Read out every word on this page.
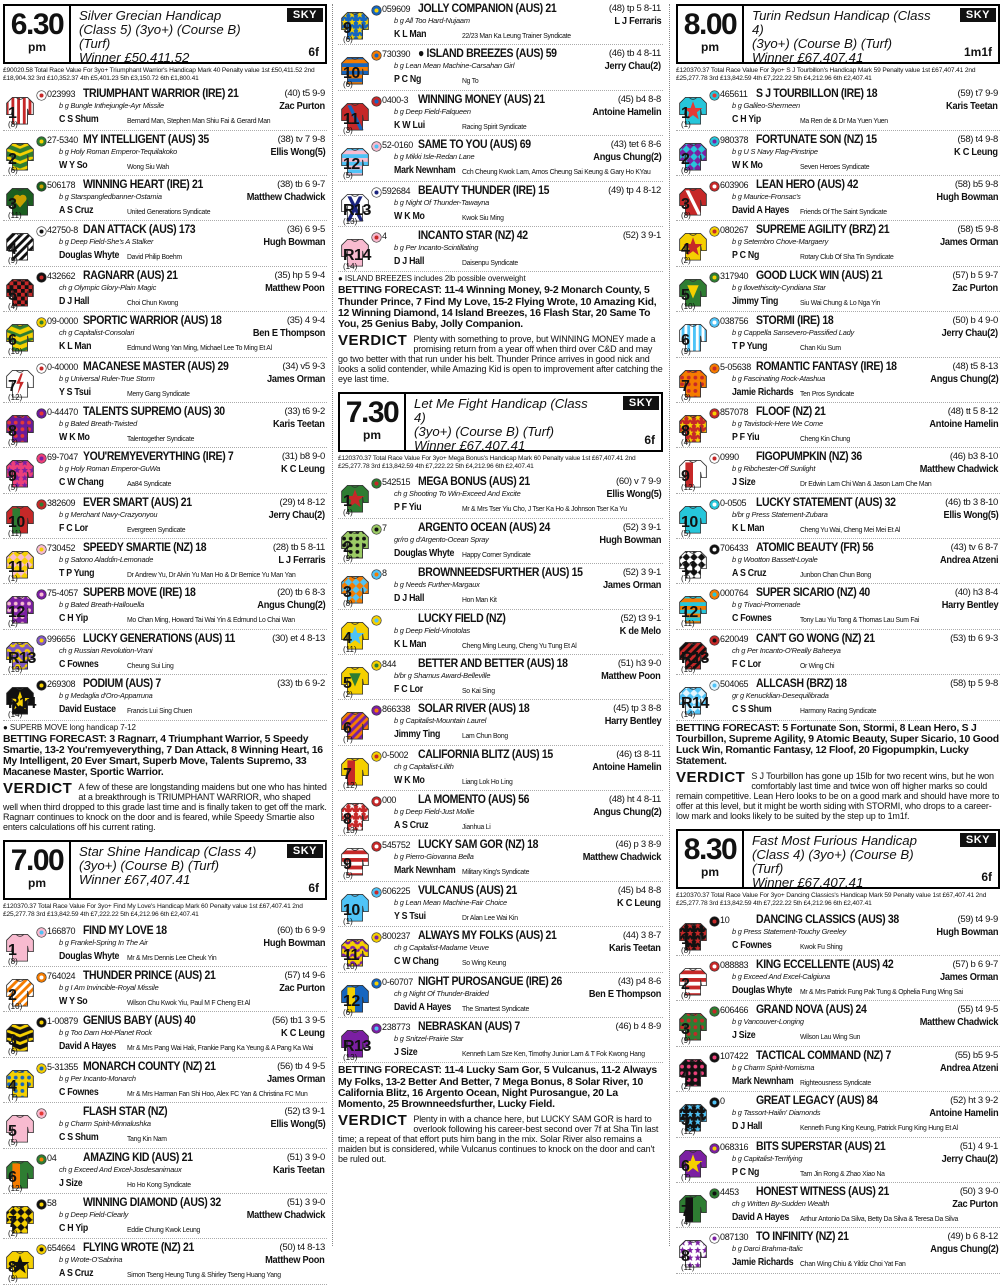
6.30
pm
Silver Grecian Handicap
(Class 5) (3yo+) (Course B) (Turf)
Winner £50,411.52
SKY
6f
£90020.58 Total Race Value For 3yo+ Triumphant Warrior's Handicap Mark 40 Penalty value 1st £50,411.52 2nd £18,904.32 3rd £10,352.37 4th £5,401.23 5th £3,150.72 6th £1,800.41
1
(8)
023993 TRIUMPHANT WARRIOR (IRE) 21	(40) t5 9-9
b g Bungle Inthejungle-Ayr Missile	Zac Purton
C S Shum	Bernard Man, Stephen Man Shiu Fai & Gerard Man
2
(6)
27-5340 MY INTELLIGENT (AUS) 35	(38) tv 7 9-8
b g Holy Roman Emperor-Tequilakoko	Ellis Wong(5)
W Y So	Wong Siu Wah
3
(11)
506178 WINNING HEART (IRE) 21	(38) tb 6 9-7
b g Starspangledbanner-Ostamia	Matthew Chadwick
A S Cruz	United Generations Syndicate
4
(9)
42750-8 DAN ATTACK (AUS) 173	(36) 6 9-5
b g Deep Field-She's A Stalker	Hugh Bowman
Douglas Whyte David Philip Boehm
5
(4)
432662 RAGNARR (AUS) 21	(35) hp 5 9-4
ch g Olympic Glory-Plain Magic	Matthew Poon
D J Hall	Choi Chun Kwong
6
(10)
09-0000 SPORTIC WARRIOR (AUS) 18	(35) 4 9-4
ch g Capitalist-Consolari	Ben E Thompson
K L Man	Edmund Wong Yan Ming, Michael Lee To Ming Et Al
7
(12)
0-40000 MACANESE MASTER (AUS) 29	(34) v5 9-3
b g Universal Ruler-True Storm	James Orman
Y S Tsui	Merry Gang Syndicate
8
(3)
0-44470 TALENTS SUPREMO (AUS) 30	(33) t6 9-2
b g Bated Breath-Twisted	Karis Teetan
W K Mo	Talentogether Syndicate
9
(5)
69-7047 YOU'REMYEVERYTHING (IRE) 7	(31) b8 9-0
b g Holy Roman Emperor-GuWa	K C Leung
C W Chang	Aa84 Syndicate
10
(11)
382609 EVER SMART (AUS) 21	(29) t4 8-12
b g Merchant Navy-Crazyonyou	Jerry Chau(2)
F C Lor	Evergreen Syndicate
11
(1)
730452 SPEEDY SMARTIE (NZ) 18	(28) tb 5 8-11
b g Satono Aladdin-Lemonade	L J Ferraris
T P Yung	Dr Andrew Yu, Dr Alvin Yu Man Ho & Dr Bernice Yu Man Yan
12
(2)
75-4057 SUPERB MOVE (IRE) 18	(20) tb 6 8-3
b g Bated Breath-Hallouella	Angus Chung(2)
C H Yip	Mo Chan Ming, Howard Tai Wai Yin & Edmund Lo Chai Wan
R13
(13)
996656 LUCKY GENERATIONS (AUS) 11	(30) et 4 8-13
ch g Russian Revolution-Vrani
C Fownes	Cheung Sui Ling
R14
(14)
269308 PODIUM (AUS) 7	(33) tb 6 9-2
b g Medaglia d'Oro-Apparruna
David Eustace Francis Lui Sing Chuen
● SUPERB MOVE long handicap 7-12
BETTING FORECAST: 3 Ragnarr, 4 Triumphant Warrior, 5 Speedy Smartie, 13-2 You'remyeverything, 7 Dan Attack, 8 Winning Heart, 16 My Intelligent, 20 Ever Smart, Superb Move, Talents Supremo, 33 Macanese Master, Sportic Warrior.
VERDICT A few of these are longstanding maidens but one who has hinted at a breakthrough is TRIUMPHANT WARRIOR, who shaped well when third dropped to this grade last time and is finally taken to get off the mark. Ragnarr continues to knock on the door and is feared, while Speedy Smartie also enters calculations off his current rating.
7.00
pm
Star Shine Handicap (Class 4)
(3yo+) (Course B) (Turf)
Winner £67,407.41
SKY
6f
£120370.37 Total Race Value For 3yo+ Find My Love's Handicap Mark 60 Penalty value 1st £67,407.41 2nd £25,277.78 3rd £13,842.59 4th £7,222.22 5th £4,212.96 6th £2,407.41
1
(8)
166870 FIND MY LOVE 18	(60) tb 6 9-9
b g Frankel-Spring In The Air	Hugh Bowman
Douglas Whyte Mr & Mrs Dennis Lee Cheuk Yin
2
(10)
764024 THUNDER PRINCE (AUS) 21	(57) t4 9-6
b g I Am Invincible-Royal Missile	Zac Purton
W Y So	Wilson Chu Kwok Yiu, Paul M F Cheng Et Al
3
(6)
1-00879 GENIUS BABY (AUS) 40	(56) tb1 3 9-5
b g Too Darn Hot-Planet Rock	K C Leung
David A Hayes Mr & Mrs Pang Wai Hak, Frankie Pang Ka Yeung & A Pang Ka Wai
4
(7)
5-31355 MONARCH COUNTY (NZ) 21	(56) tb 4 9-5
b g Per Incanto-Monarch	James Orman
C Fownes	Mr & Mrs Harman Fan Shi Hoo, Alex FC Yan & Christina FC Mun
5
(5)
FLASH STAR (NZ)	(52) t3 9-1
b g Charm Spirit-Minnalushka	Ellis Wong(5)
C S Shum	Tang Kin Nam
6
(12)
04 AMAZING KID (AUS) 21	(51) 3 9-0
ch g Exceed And Excel-Josdesanimaux	Karis Teetan
J Size	Ho Ho Kong Syndicate
7
(2)
58 WINNING DIAMOND (AUS) 32	(51) 3 9-0
b g Deep Field-Clearly	Matthew Chadwick
C H Yip	Eddie Chung Kwok Leung
8
(9)
654664 FLYING WROTE (NZ) 21	(50) t4 8-13
b g Wrote-O'Sabrina	Matthew Poon
A S Cruz	Simon Tseng Heung Tung & Shirley Tseng Huang Yang
9
(6)
059609 JOLLY COMPANION (AUS) 21	(48) tp 5 8-11
b g All Too Hard-Nujaam	L J Ferraris
K L Man	22/23 Man Ka Leung Trainer Syndicate
10
(6)
730390 ● ISLAND BREEZES (AUS) 59	(46) tb 4 8-11
b g Lean Mean Machine-Carsahan Girl	Jerry Chau(2)
P C Ng	Ng To
11
(3)
0400-3 WINNING MONEY (AUS) 21	(45) b4 8-8
b g Deep Field-Falqueen	Antoine Hamelin
K W Lui	Racing Spirit Syndicate
12
(5)
52-0160 SAME TO YOU (AUS) 69	(43) tet 6 8-6
b g Mikki Isle-Redan Lane	Angus Chung(2)
Mark Newnham Cch Cheung Kwok Lam, Amos Cheung Sai Keung & Gary Ho KYau
R13
(13)
592684 BEAUTY THUNDER (IRE) 15	(49) tp 4 8-12
b g Night Of Thunder-Tawayna
W K Mo	Kwok Siu Ming
R14
(14)
4	INCANTO STAR (NZ) 42	(52) 3 9-1
b g Per Incanto-Scintillating
D J Hall	Daisenpu Syndicate
● ISLAND BREEZES includes 2lb possible overweight
BETTING FORECAST: 11-4 Winning Money, 9-2 Monarch County, 5 Thunder Prince, 7 Find My Love, 15-2 Flying Wrote, 10 Amazing Kid, 12 Winning Diamond, 14 Island Breezes, 16 Flash Star, 20 Same To You, 25 Genius Baby, Jolly Companion.
VERDICT Plenty with something to prove, but WINNING MONEY made a promising return from a year off when third over C&D and may go two better with that run under his belt. Thunder Prince arrives in good nick and looks a solid contender, while Amazing Kid is open to improvement after catching the eye last time.
7.30
pm
Let Me Fight Handicap (Class 4)
(3yo+) (Course B) (Turf)
Winner £67,407.41
SKY
6f
£120370.37 Total Race Value For 3yo+ Mega Bonus's Handicap Mark 60 Penalty value 1st £67,407.41 2nd £25,277.78 3rd £13,842.59 4th £7,222.22 5th £4,212.96 6th £2,407.41
1
(4)
542515 MEGA BONUS (AUS) 21	(60) v 7 9-9
ch g Shooting To Win-Exceed And Excite	Ellis Wong(5)
P F Yiu	Mr & Mrs Tser Yiu Cho, J Tser Ka Ho & Johnson Tser Ka Yu
2
(9)
7	ARGENTO OCEAN (AUS) 24	(52) 3 9-1
gr/ro g d'Argento-Ocean Spray	Hugh Bowman
Douglas Whyte Happy Corner Syndicate
3
(8)
8	BROWNNEEDSFURTHER (AUS) 15	(52) 3 9-1
b g Needs Further-Margaux	James Orman
D J Hall	Hon Man Kit
4
(11)
LUCKY FIELD (NZ)	(52) t3 9-1
b g Deep Field-Vinotolas	K de Melo
K L Man	Cheng Ming Leung, Cheng Yu Tung Et Al
5
(2)
844 BETTER AND BETTER (AUS) 18	(51) h3 9-0
b/br g Shamus Award-Belleville	Matthew Poon
F C Lor	So Kai Sing
6
(7)
866338 SOLAR RIVER (AUS) 18	(45) tp 3 8-8
b g Capitalist-Mountain Laurel	Harry Bentley
Jimmy Ting	Lam Chun Bong
7
(12)
0-5002 CALIFORNIA BLITZ (AUS) 15	(46) t3 8-11
ch g Capitalist-Lilith	Antoine Hamelin
W K Mo	Liang Lok Ho Ling
8
(13)
000 LA MOMENTO (AUS) 56	(48) ht 4 8-11
b g Deep Field-Just Mollie	Angus Chung(2)
A S Cruz	Jianhua Li
9
(5)
545752 LUCKY SAM GOR (NZ) 18	(46) p 3 8-9
b g Pierro-Giovanna Bella	Matthew Chadwick
Mark Newnham Military King's Syndicate
10
(1)
606225 VULCANUS (AUS) 21	(45) b4 8-8
b g Lean Mean Machine-Fair Choice	K C Leung
Y S Tsui	Dr Alan Lee Wai Kin
11
(10)
800237 ALWAYS MY FOLKS (AUS) 21	(44) 3 8-7
ch g Capitalist-Madame Veuve	Karis Teetan
C W Chang	So Wing Keung
12
(6)
0-60707 NIGHT PUROSANGUE (IRE) 26	(43) p4 8-6
ch g Night Of Thunder-Braided	Ben E Thompson
David A Hayes The Smartest Syndicate
R13
(13)
238773 NEBRASKAN (AUS) 7	(46) b 4 8-9
b g Snitzel-Prairie Star
J Size	Kenneth Lam Sze Ken, Timothy Junior Lam & T Fok Kwong Hang
BETTING FORECAST: 11-4 Lucky Sam Gor, 5 Vulcanus, 11-2 Always My Folks, 13-2 Better And Better, 7 Mega Bonus, 8 Solar River, 10 California Blitz, 16 Argento Ocean, Night Purosangue, 20 La Momento, 25 Brownneedsfurther, Lucky Field.
VERDICT Plenty in with a chance here, but LUCKY SAM GOR is hard to overlook following his career-best second over 7f at Sha Tin last time; a repeat of that effort puts him bang in the mix. Solar River also remains a maiden but is considered, while Vulcanus continues to knock on the door and can't be ruled out.
8.00
pm
Turin Redsun Handicap (Class 4)
(3yo+) (Course B) (Turf)
Winner £67,407.41
SKY
1m1f
£120370.37 Total Race Value For 3yo+ S J Tourbillon's Handicap Mark 59 Penalty value 1st £67,407.41 2nd £25,277.78 3rd £13,842.59 4th £7,222.22 5th £4,212.96 6th £2,407.41
1
(1)
465611 S J TOURBILLON (IRE) 18	(59) t7 9-9
b g Galileo-Shermeen	Karis Teetan
C H Yip	Ma Ren de & Dr Ma Yuen Yuen
2
(6)
980378 FORTUNATE SON (NZ) 15	(58) t4 9-8
b g U S Navy Flag-Pinstripe	K C Leung
W K Mo	Seven Heroes Syndicate
3
(8)
603906 LEAN HERO (AUS) 42	(58) b5 9-8
b g Maurice-Fronsac's	Hugh Bowman
David A Hayes Friends Of The Saint Syndicate
4
(2)
080267 SUPREME AGILITY (BRZ) 21	(58) t5 9-8
b g Setembro Chove-Margaery	James Orman
P C Ng	Rotary Club Of Sha Tin Syndicate
5
(10)
317940 GOOD LUCK WIN (AUS) 21	(57) b 5 9-7
b g Ilovethiscity-Cyndiana Star	Zac Purton
Jimmy Ting	Siu Wai Chung & Lo Nga Yin
6
(9)
038756 STORMI (IRE) 18	(50) b 4 9-0
b g Cappella Sansevero-Passified Lady	Jerry Chau(2)
T P Yung	Chan Kiu Sum
7
(3)
5-05638 ROMANTIC FANTASY (IRE) 18	(48) t5 8-13
b g Fascinating Rock-Atashua	Angus Chung(2)
Jamie Richards Ten Pros Syndicate
8
(4)
857078 FLOOF (NZ) 21	(48) tt 5 8-12
b g Tavistock-Here We Come	Antoine Hamelin
P F Yiu	Cheng Kin Chung
9
(12)
0990 FIGOPUMPKIN (NZ) 36	(46) b3 8-10
b g Ribchester-Off Sunlight	Matthew Chadwick
J Size	Dr Edwin Lam Chi Wan & Jason Lam Che Man
10
(5)
0-0505 LUCKY STATEMENT (AUS) 32	(46) tb 3 8-10
b/br g Press Statement-Zubara	Ellis Wong(5)
K L Man	Cheng Yu Wai, Cheng Mei Mei Et Al
11
(7)
706433 ATOMIC BEAUTY (FR) 56	(43) tv 6 8-7
b g Wootton Bassett-Loyale	Andrea Atzeni
A S Cruz	Junbon Chan Chun Bong
12
(11)
000764 SUPER SICARIO (NZ) 40	(40) h3 8-4
b g Tivaci-Promenade	Harry Bentley
C Fownes	Tony Lau Yiu Tong & Thomas Lau Sum Fai
R13
(13)
620049 CAN'T GO WONG (NZ) 21	(53) tb 6 9-3
ch g Per Incanto-O'Really Baheeya
F C Lor	Or Wing Chi
R14
(14)
504065 ALLCASH (BRZ) 18	(58) tp 5 9-8
gr g Kenucklian-Desequilibrada
C S Shum	Harmony Racing Syndicate
BETTING FORECAST: 5 Fortunate Son, Stormi, 8 Lean Hero, S J Tourbillon, Supreme Agility, 9 Atomic Beauty, Super Sicario, 10 Good Luck Win, Romantic Fantasy, 12 Floof, 20 Figopumpkin, Lucky Statement.
VERDICT S J Tourbillon has gone up 15lb for two recent wins, but he won comfortably last time and twice won off higher marks so could remain competitive. Lean Hero looks to be on a good mark and should have more to offer at this level, but it might be worth siding with STORMI, who drops to a career-low mark and looks likely to be suited by the step up to 1m1f.
8.30
pm
Fast Most Furious Handicap
(Class 4) (3yo+) (Course B) (Turf)
Winner £67,407.41
SKY
6f
£120370.37 Total Race Value For 3yo+ Dancing Classics's Handicap Mark 59 Penalty value 1st £67,407.41 2nd £25,277.78 3rd £13,842.59 4th £7,222.22 5th £4,212.96 6th £2,407.41
1
(8)
10 DANCING CLASSICS (AUS) 38	(59) t4 9-9
b g Press Statement-Touchy Greeley	Hugh Bowman
C Fownes	Kwok Fu Shing
2
(6)
088883 KING ECCELLENTE (AUS) 42	(57) b 6 9-7
b g Exceed And Excel-Calgiuna	James Orman
Douglas Whyte Mr & Mrs Patrick Fung Pak Tung & Ophelia Fung Wing Sai
3
(9)
606466 GRAND NOVA (AUS) 24	(55) t4 9-5
b g Vancouver-Longing	Matthew Chadwick
J Size	Wilson Lau Wing Sun
4
(2)
107422 TACTICAL COMMAND (NZ) 7	(55) b5 9-5
b g Charm Spirit-Nomisma	Andrea Atzeni
Mark Newnham Righteousness Syndicate
5
(12)
0	GREAT LEGACY (AUS) 84	(52) ht 3 9-2
b g Tassort-Hailin' Diamonds	Antoine Hamelin
D J Hall	Kenneth Fung King Keung, Patrick Fung King Hung Et Al
6
(7)
068316 BITS SUPERSTAR (AUS) 21	(51) 4 9-1
b g Capitalist-Terrifying	Jerry Chau(2)
P C Ng	Tam Jin Rong & Zhao Xiao Na
7
(4)
4453 HONEST WITNESS (AUS) 21	(50) 3 9-0
ch g Written By-Sudden Wealth	Zac Purton
David A Hayes Arthur Antonio Da Silva, Betty Da Silva & Teresa Da Silva
8
(11)
087130 TO INFINITY (NZ) 21	(49) b 6 8-12
b g Darci Brahma-Italic	Angus Chung(2)
Jamie Richards Chan Wing Chiu & Yildiz Choi Yat Fan
